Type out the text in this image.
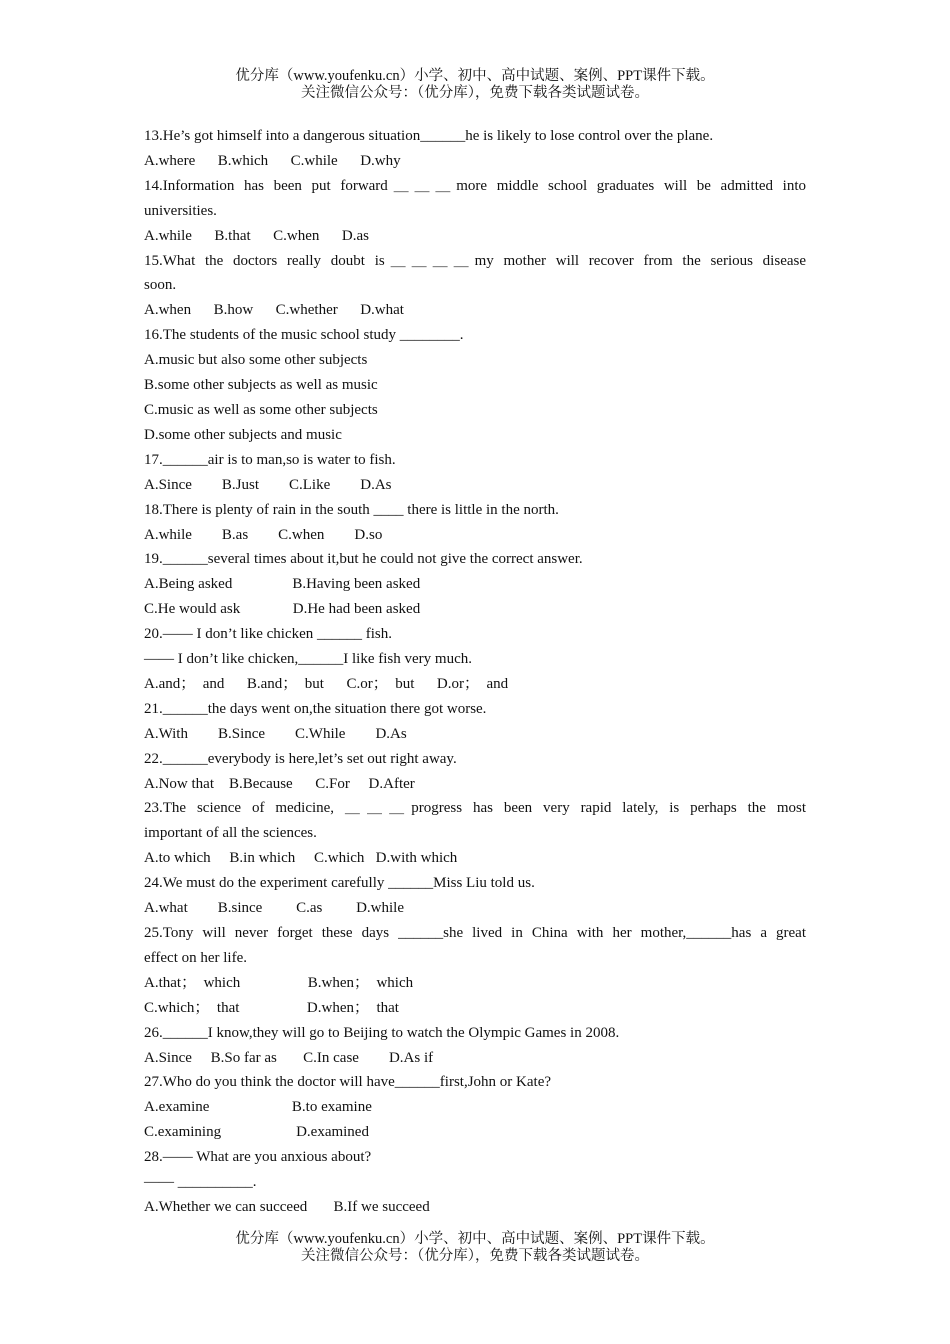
优分库（www.youfenku.cn）小学、初中、高中试题、案例、PPT课件下载。
关注微信公众号：（优分库），免费下载各类试题试卷。
13.He’s got himself into a dangerous situation______he is likely to lose control over the plane.
A.where      B.which      C.while      D.why
14.Information has been put forward＿＿＿more middle school graduates will be admitted into
universities.
A.while      B.that      C.when      D.as
15.What the doctors really doubt is＿＿＿＿my mother will recover from the serious disease
soon.
A.when      B.how      C.whether      D.what
16.The students of the music school study ________.
A.music but also some other subjects
B.some other subjects as well as music
C.music as well as some other subjects
D.some other subjects and music
17.______air is to man,so is water to fish.
A.Since        B.Just        C.Like        D.As
18.There is plenty of rain in the south ____ there is little in the north.
A.while        B.as        C.when        D.so
19.______several times about it,but he could not give the correct answer.
A.Being asked                B.Having been asked
C.He would ask              D.He had been asked
20.—— I don’t like chicken ______ fish.
—— I don’t like chicken,______I like fish very much.
A.and；  and      B.and；  but      C.or；  but      D.or；  and
21.______the days went on,the situation there got worse.
A.With        B.Since        C.While        D.As
22.______everybody is here,let’s set out right away.
A.Now that    B.Because      C.For     D.After
23.The science of medicine, ＿＿＿progress has been very rapid lately, is perhaps the most
important of all the sciences.
A.to which     B.in which     C.which   D.with which
24.We must do the experiment carefully ______Miss Liu told us.
A.what        B.since         C.as         D.while
25.Tony will never forget these days ______she lived in China with her mother,______has a great
effect on her life.
A.that；  which                  B.when；  which
C.which；  that                  D.when；  that
26.______I know,they will go to Beijing to watch the Olympic Games in 2008.
A.Since     B.So far as       C.In case        D.As if
27.Who do you think the doctor will have______first,John or Kate?
A.examine                      B.to examine
C.examining                    D.examined
28.—— What are you anxious about?
—— __________.
A.Whether we can succeed       B.If we succeed
优分库（www.youfenku.cn）小学、初中、高中试题、案例、PPT课件下载。
关注微信公众号：（优分库），免费下载各类试题试卷。
